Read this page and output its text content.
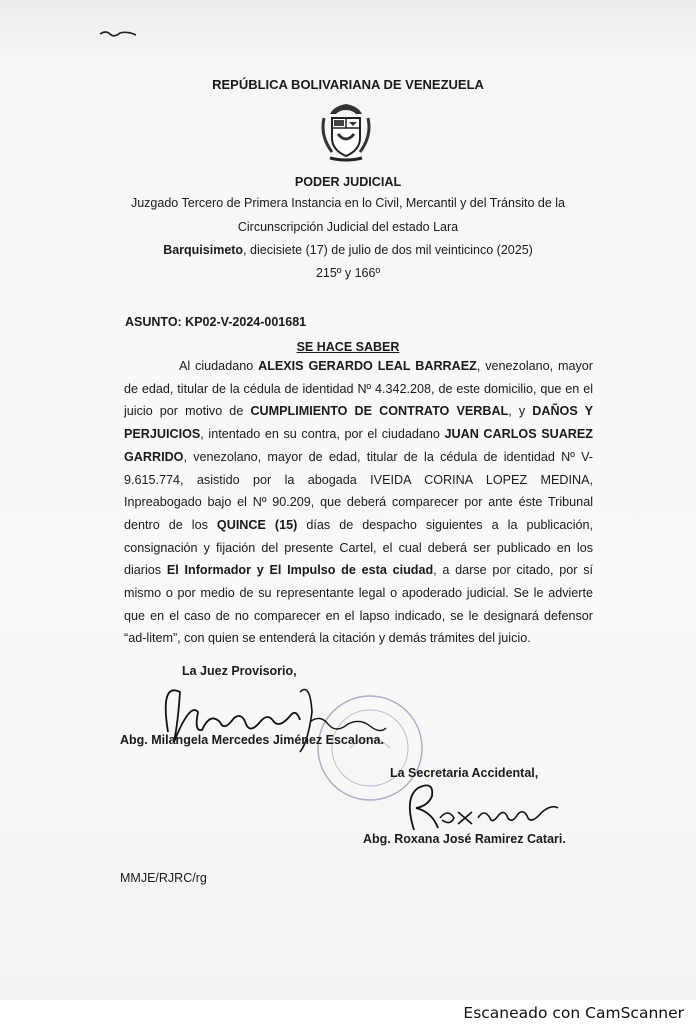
REPÚBLICA BOLIVARIANA DE VENEZUELA
PODER JUDICIAL
Juzgado Tercero de Primera Instancia en lo Civil, Mercantil y del Tránsito de la
Circunscripción Judicial del estado Lara
Barquisimeto, diecisiete (17) de julio de dos mil veinticinco (2025)
215º y 166º
ASUNTO: KP02-V-2024-001681
SE HACE SABER
Al ciudadano ALEXIS GERARDO LEAL BARRAEZ, venezolano, mayor de edad, titular de la cédula de identidad Nº 4.342.208, de este domicilio, que en el juicio por motivo de CUMPLIMIENTO DE CONTRATO VERBAL, y DAÑOS Y PERJUICIOS, intentado en su contra, por el ciudadano JUAN CARLOS SUAREZ GARRIDO, venezolano, mayor de edad, titular de la cédula de identidad Nº V-9.615.774, asistido por la abogada IVEIDA CORINA LOPEZ MEDINA, Inpreabogado bajo el Nº 90.209, que deberá comparecer por ante éste Tribunal dentro de los QUINCE (15) días de despacho siguientes a la publicación, consignación y fijación del presente Cartel, el cual deberá ser publicado en los diarios El Informador y El Impulso de esta ciudad, a darse por citado, por sí mismo o por medio de su representante legal o apoderado judicial. Se le advierte que en el caso de no comparecer en el lapso indicado, se le designará defensor “ad-litem”, con quien se entenderá la citación y demás trámites del juicio.
La Juez Provisorio,
Abg. Milangela Mercedes Jiménez Escalona.
La Secretaria Accidental,
Abg. Roxana José Ramirez Catari.
MMJE/RJRC/rg
Escaneado con CamScanner
